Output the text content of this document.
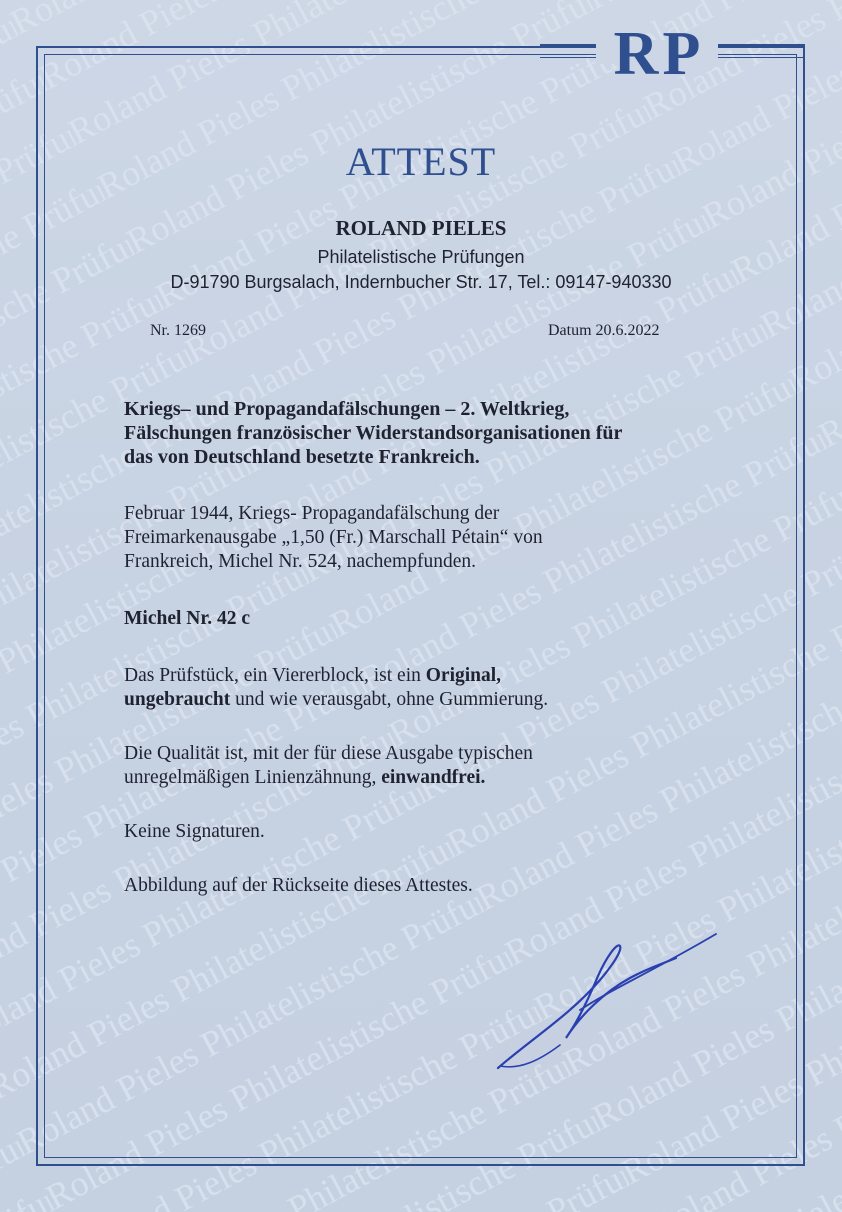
RP
ATTEST
ROLAND PIELES
Philatelistische Prüfungen
D-91790 Burgsalach, Indernbucher Str. 17, Tel.: 09147-940330
Nr. 1269	Datum 20.6.2022
Kriegs– und Propagandafälschungen – 2. Weltkrieg,
Fälschungen französischer Widerstandsorganisationen für
das von Deutschland besetzte Frankreich.
Februar 1944, Kriegs- Propagandafälschung der
Freimarkenausgabe „1,50 (Fr.) Marschall Pétain“ von
Frankreich, Michel Nr. 524, nachempfunden.
Michel Nr. 42 c
Das Prüfstück, ein Viererblock, ist ein Original,
ungebraucht und wie verausgabt, ohne Gummierung.
Die Qualität ist, mit der für diese Ausgabe typischen
unregelmäßigen Linienzähnung, einwandfrei.
Keine Signaturen.
Abbildung auf der Rückseite dieses Attestes.
